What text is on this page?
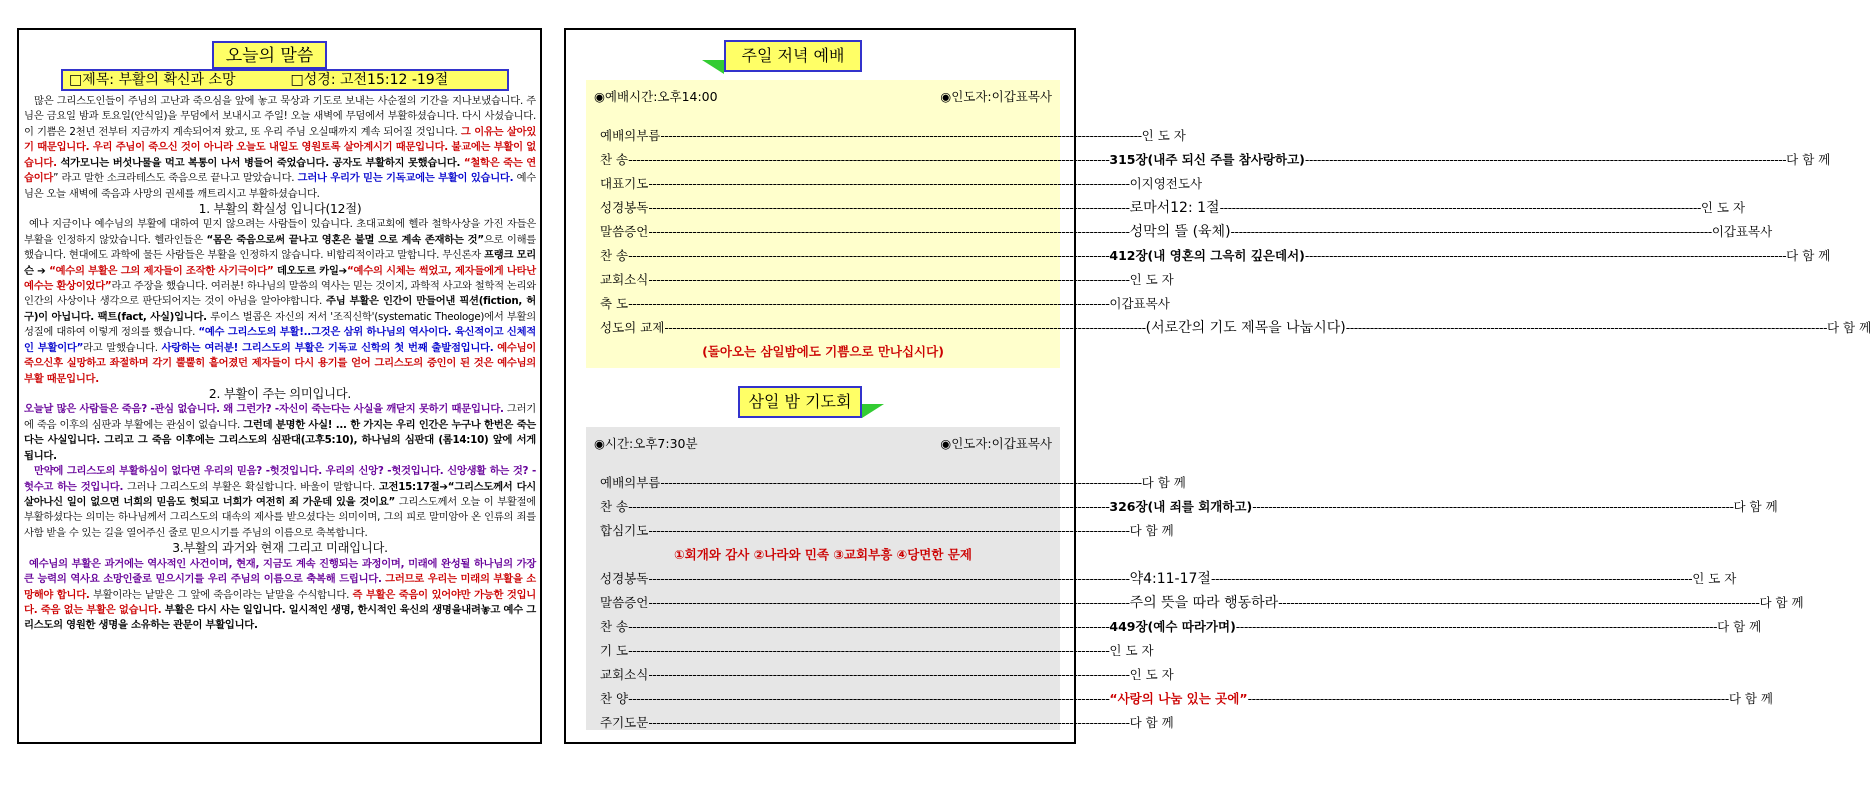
오늘의 말씀
□제목: 부활의 확신과 소망	□성경: 고전15:12 -19절

많은 그리스도인들이 주님의 고난과 죽으심을 앞에 놓고 묵상과 기도로 보내는 사순절의 기간을 지나보냈습니다. 주님은 금요일 밤과 토요일(안식일)을 무덤에서 보내시고 주일! 오늘 새벽에 무덤에서 부활하셨습니다. 다시 사셨습니다. 이 기쁨은 2천년 전부터 지금까지 계속되어져 왔고, 또 우리 주님 오실때까지 계속 되어질 것입니다. 그 이유는 살아있기 때문입니다. 우리 주님이 죽으신 것이 아니라 오늘도 내일도 영원토록 살아계시기 때문입니다. 불교에는 부활이 없습니다. 석가모니는 버섯나물을 먹고 복통이 나서 병들어 죽었습니다. 공자도 부활하지 못했습니다. “철학은 죽는 연습이다” 라고 말한 소크라테스도 죽음으로 끝나고 말았습니다. 그러나 우리가 믿는 기독교에는 부활이 있습니다. 예수님은 오늘 새벽에 죽음과 사망의 권세를 깨트리시고 부활하셨습니다.

1. 부활의 확실성 입니다(12절)

예나 지금이나 예수님의 부활에 대하여 믿지 않으려는 사람들이 있습니다. 초대교회에 헬라 철학사상을 가진 자들은 부활을 인정하지 않았습니다. 헬라인들은 “몸은 죽음으로써 끝나고 영혼은 불멸 으로 계속 존재하는 것”으로 이해를 했습니다. 현대에도 과학에 물든 사람들은 부활을 인정하지 않습니다. 비합리적이라고 말합니다. 무신론자 프랭크 모리슨 ➔ “예수의 부활은 그의 제자들이 조작한 사기극이다” 데오도르 카일➔“예수의 시체는 썩었고, 제자들에게 나타난 예수는 환상이었다”라고 주장을 했습니다. 여러분! 하나님의 말씀의 역사는 믿는 것이지, 과학적 사고와 철학적 논리와 인간의 사상이나 생각으로 판단되어지는 것이 아님을 알아야합니다. 주님 부활은 인간이 만들어낸 픽션(fiction, 허구)이 아닙니다. 팩트(fact, 사실)입니다. 루이스 벌콥은 자신의 저서 '조직신학'(systematic Theologe)에서 부활의 성질에 대하여 이렇게 정의를 했습니다. “예수 그리스도의 부활!..그것은 삼위 하나님의 역사이다. 육신적이고 신체적인 부활이다”라고 말했습니다. 사랑하는 여러분! 그리스도의 부활은 기독교 신학의 첫 번째 출발점입니다. 예수님이 죽으신후 실망하고 좌절하며 각기 뿔뿔히 흩어졌던 제자들이 다시 용기를 얻어 그리스도의 증인이 된 것은 예수님의 부활 때문입니다.

2. 부활이 주는 의미입니다.

오늘날 많은 사람들은 죽음? -관심 없습니다. 왜 그런가? -자신이 죽는다는 사실을 깨닫지 못하기 때문입니다. 그러기에 죽음 이후의 심판과 부활에는 관심이 없습니다. 그런데 분명한 사실! ... 한 가지는 우리 인간은 누구나 한번은 죽는다는 사실입니다. 그리고 그 죽음 이후에는 그리스도의 심판대(고후5:10), 하나님의 심판대 (롬14:10) 앞에 서게 됩니다.

만약에 그리스도의 부활하심이 없다면 우리의 믿음? -헛것입니다. 우리의 신앙? -헛것입니다. 신앙생활 하는 것? -헛수고 하는 것입니다. 그러나 그리스도의 부활은 확실합니다. 바울이 말합니다. 고전15:17절➔“그리스도께서 다시 살아나신 일이 없으면 너희의 믿음도 헛되고 너희가 여전히 죄 가운데 있을 것이요” 그리스도께서 오늘 이 부활절에 부활하셨다는 의미는 하나님께서 그리스도의 대속의 제사를 받으셨다는 의미이며, 그의 피로 말미암아 온 인류의 죄를 사함 받을 수 있는 길을 열어주신 줄로 믿으시기를 주님의 이름으로 축복합니다.

3.부활의 과거와 현재 그리고 미래입니다.

예수님의 부활은 과거에는 역사적인 사건이며, 현재, 지금도 계속 진행되는 과정이며, 미래에 완성될 하나님의 가장 큰 능력의 역사요 소망인줄로 믿으시기를 우리 주님의 이름으로 축복해 드립니다. 그러므로 우리는 미래의 부활을 소망해야 합니다. 부활이라는 낱말은 그 앞에 죽음이라는 낱말을 수식합니다. 즉 부활은 죽음이 있어야만 가능한 것입니다. 죽음 없는 부활은 없습니다. 부활은 다시 사는 일입니다. 일시적인 생명, 한시적인 육신의 생명을내려놓고 예수 그리스도의 영원한 생명을 소유하는 관문이 부활입니다.

주일 저녁 예배
◉예배시간:오후14:00	◉인도자:이갑표목사
예배의부름 ------------------------------------------------------------------------------------------------------------------------ 인 도 자
찬 송 ------------------------------------------------------------------------------------------------------------------------ 315장(내주 되신 주를 참사랑하고) ------------------------------------------------------------------------------------------------------------------------ 다 함 께
대표기도 ------------------------------------------------------------------------------------------------------------------------ 이지영전도사
성경봉독 ------------------------------------------------------------------------------------------------------------------------ 로마서12: 1절 ------------------------------------------------------------------------------------------------------------------------ 인 도 자
말씀증언 ------------------------------------------------------------------------------------------------------------------------ 성막의 뜰 (육체) ------------------------------------------------------------------------------------------------------------------------ 이갑표목사
찬 송 ------------------------------------------------------------------------------------------------------------------------ 412장(내 영혼의 그윽히 깊은데서) ------------------------------------------------------------------------------------------------------------------------ 다 함 께
교회소식 ------------------------------------------------------------------------------------------------------------------------ 인 도 자
축 도 ------------------------------------------------------------------------------------------------------------------------ 이갑표목사
성도의 교제 ------------------------------------------------------------------------------------------------------------------------ (서로간의 기도 제목을 나눕시다) ------------------------------------------------------------------------------------------------------------------------ 다 함 께
(돌아오는 삼일밤에도 기쁨으로 만나십시다)
삼일 밤 기도회
◉시간:오후7:30분	◉인도자:이갑표목사
예배의부름 ------------------------------------------------------------------------------------------------------------------------ 다 함 께
찬 송 ------------------------------------------------------------------------------------------------------------------------ 326장(내 죄를 회개하고) ------------------------------------------------------------------------------------------------------------------------ 다 함 께
합심기도 ------------------------------------------------------------------------------------------------------------------------ 다 함 께
①회개와 감사 ②나라와 민족 ③교회부흥 ④당면한 문제
성경봉독 ------------------------------------------------------------------------------------------------------------------------ 약4:11-17절 ------------------------------------------------------------------------------------------------------------------------ 인 도 자
말씀증언 ------------------------------------------------------------------------------------------------------------------------ 주의 뜻을 따라 행동하라 ------------------------------------------------------------------------------------------------------------------------ 다 함 께
찬 송 ------------------------------------------------------------------------------------------------------------------------ 449장(예수 따라가며) ------------------------------------------------------------------------------------------------------------------------ 다 함 께
기 도 ------------------------------------------------------------------------------------------------------------------------ 인 도 자
교회소식 ------------------------------------------------------------------------------------------------------------------------ 인 도 자
찬 양 ------------------------------------------------------------------------------------------------------------------------ “사랑의 나눔 있는 곳에” ------------------------------------------------------------------------------------------------------------------------ 다 함 께
주기도문 ------------------------------------------------------------------------------------------------------------------------ 다 함 께
